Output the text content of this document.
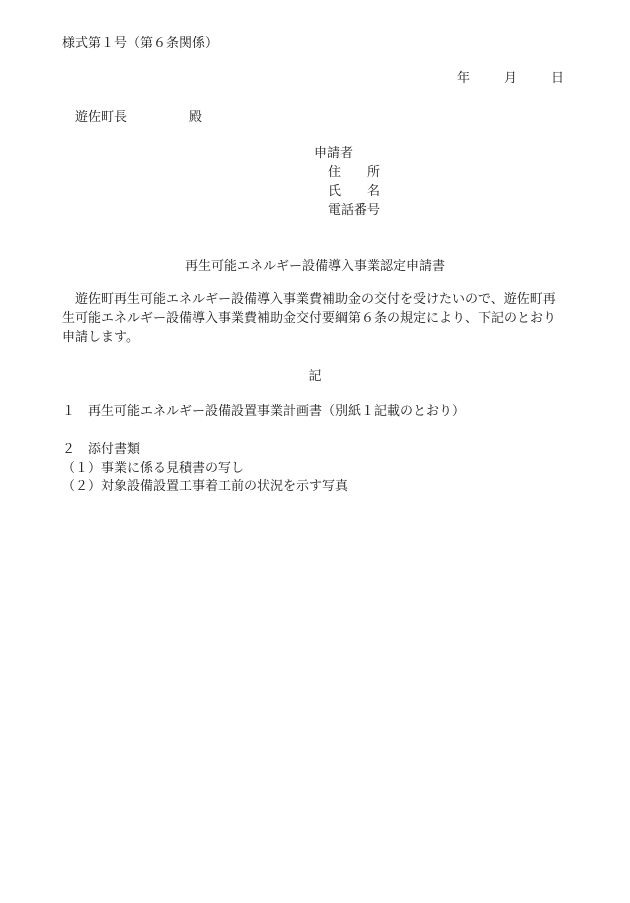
様式第１号（第６条関係）
年	月	日
遊佐町長	殿
申請者
住　　所
氏　　名
電話番号
再生可能エネルギー設備導入事業認定申請書
遊佐町再生可能エネルギー設備導入事業費補助金の交付を受けたいので、遊佐町再生可能エネルギー設備導入事業費補助金交付要綱第６条の規定により、下記のとおり申請します。
記
１ 再生可能エネルギー設備設置事業計画書（別紙１記載のとおり）
２ 添付書類
（１）事業に係る見積書の写し
（２）対象設備設置工事着工前の状況を示す写真
